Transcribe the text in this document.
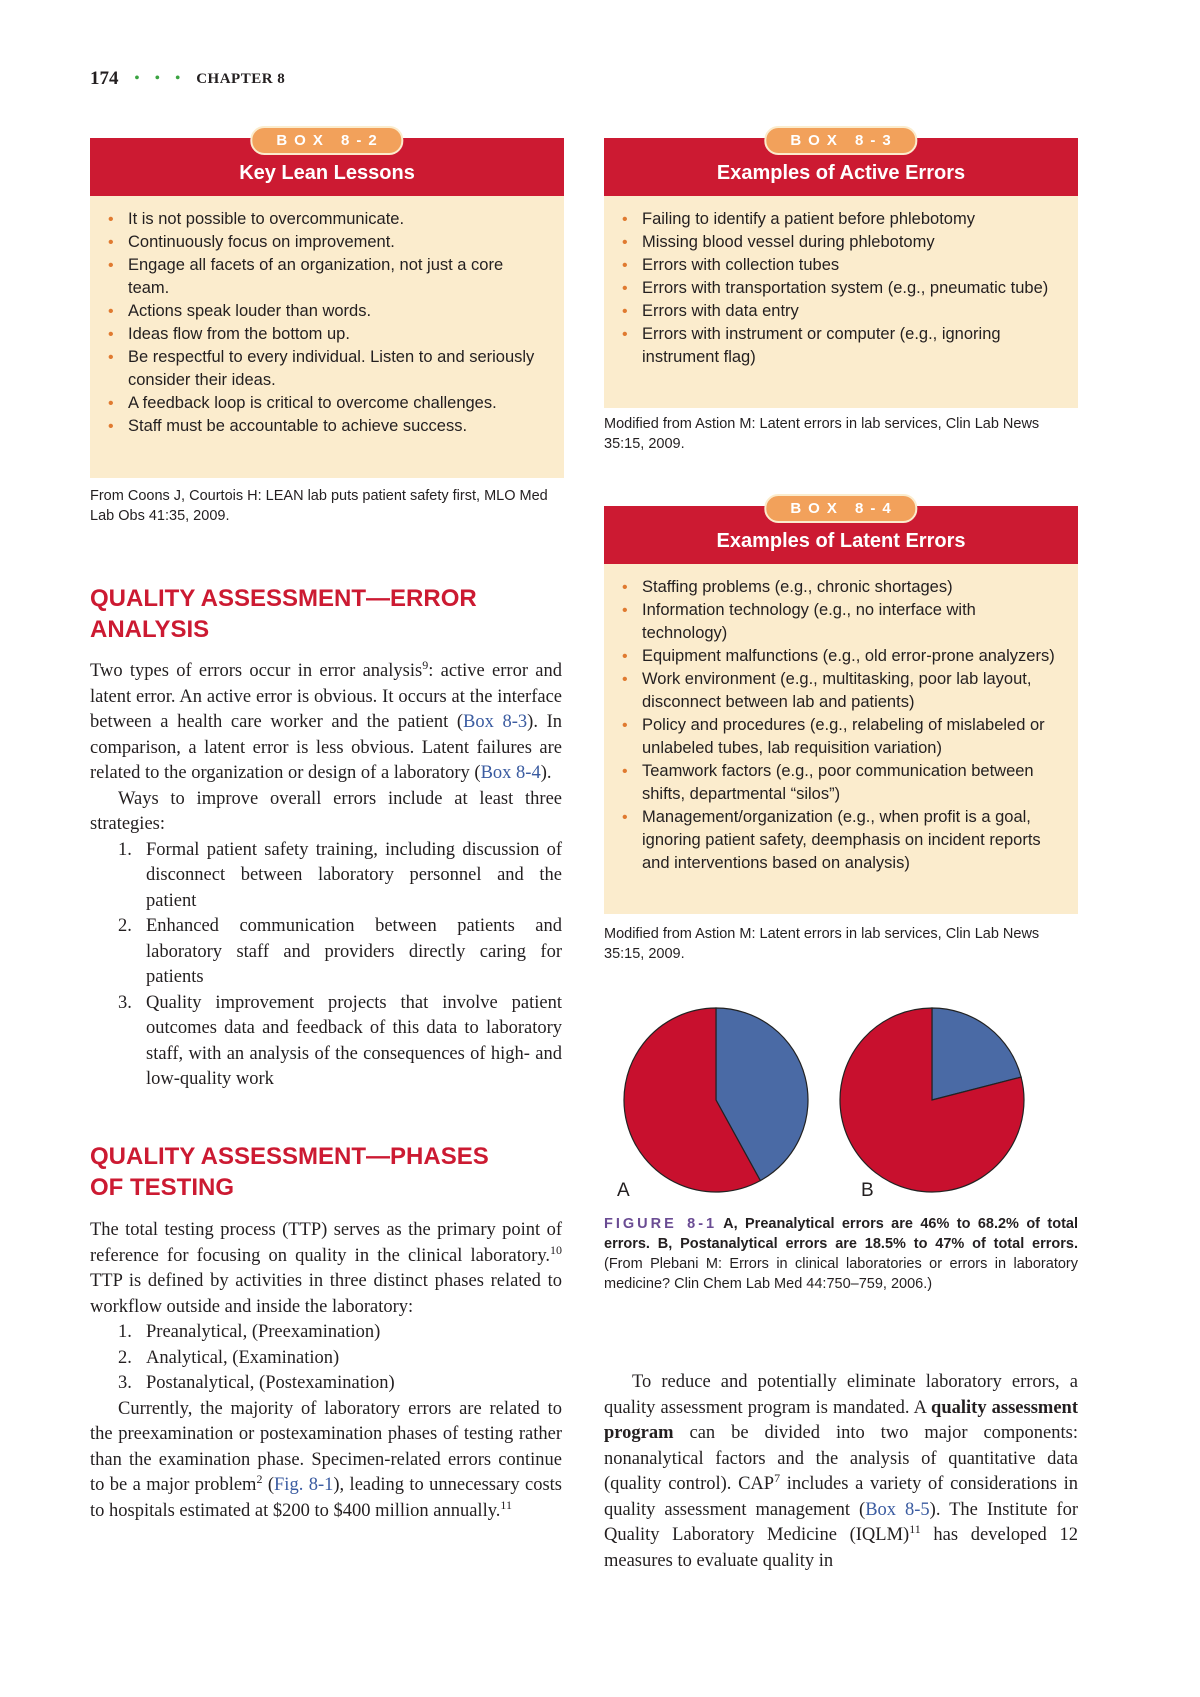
174 • • • CHAPTER 8
BOX 8-2
Key Lean Lessons
• It is not possible to overcommunicate.
• Continuously focus on improvement.
• Engage all facets of an organization, not just a core team.
• Actions speak louder than words.
• Ideas flow from the bottom up.
• Be respectful to every individual. Listen to and seriously consider their ideas.
• A feedback loop is critical to overcome challenges.
• Staff must be accountable to achieve success.
From Coons J, Courtois H: LEAN lab puts patient safety first, MLO Med Lab Obs 41:35, 2009.
BOX 8-3
Examples of Active Errors
• Failing to identify a patient before phlebotomy
• Missing blood vessel during phlebotomy
• Errors with collection tubes
• Errors with transportation system (e.g., pneumatic tube)
• Errors with data entry
• Errors with instrument or computer (e.g., ignoring instrument flag)
Modified from Astion M: Latent errors in lab services, Clin Lab News 35:15, 2009.
BOX 8-4
Examples of Latent Errors
• Staffing problems (e.g., chronic shortages)
• Information technology (e.g., no interface with technology)
• Equipment malfunctions (e.g., old error-prone analyzers)
• Work environment (e.g., multitasking, poor lab layout, disconnect between lab and patients)
• Policy and procedures (e.g., relabeling of mislabeled or unlabeled tubes, lab requisition variation)
• Teamwork factors (e.g., poor communication between shifts, departmental “silos”)
• Management/organization (e.g., when profit is a goal, ignoring patient safety, deemphasis on incident reports and interventions based on analysis)
Modified from Astion M: Latent errors in lab services, Clin Lab News 35:15, 2009.
QUALITY ASSESSMENT—ERROR
ANALYSIS

Two types of errors occur in error analysis$^9$: active error and latent error. An active error is obvious. It occurs at the interface between a health care worker and the patient (Box 8-3). In comparison, a latent error is less obvious. Latent failures are related to the organization or design of a laboratory (Box 8-4).

Ways to improve overall errors include at least three strategies:

1. Formal patient safety training, including discussion of disconnect between laboratory personnel and the patient
2. Enhanced communication between patients and laboratory staff and providers directly caring for patients
3. Quality improvement projects that involve patient outcomes data and feedback of this data to laboratory staff, with an analysis of the consequences of high- and low-quality work
QUALITY ASSESSMENT—PHASES
OF TESTING

The total testing process (TTP) serves as the primary point of reference for focusing on quality in the clinical laboratory.$^{10}$ TTP is defined by activities in three distinct phases related to workflow outside and inside the laboratory:

1. Preanalytical, (Preexamination)
2. Analytical, (Examination)
3. Postanalytical, (Postexamination)

Currently, the majority of laboratory errors are related to the preexamination or postexamination phases of testing rather than the examination phase. Specimen-related errors continue to be a major problem$^2$ (Fig. 8-1), leading to unnecessary costs to hospitals estimated at $200 to $400 million annually.$^{11}$

A	B
FIGURE 8-1 A, Preanalytical errors are 46% to 68.2% of total errors. B, Postanalytical errors are 18.5% to 47% of total errors. (From Plebani M: Errors in clinical laboratories or errors in laboratory medicine? Clin Chem Lab Med 44:750–759, 2006.)

To reduce and potentially eliminate laboratory errors, a quality assessment program is mandated. A quality assessment program can be divided into two major components: nonanalytical factors and the analysis of quantitative data (quality control). CAP$^7$ includes a variety of considerations in quality assessment management (Box 8-5). The Institute for Quality Laboratory Medicine (IQLM)$^{11}$ has developed 12 measures to evaluate quality in
